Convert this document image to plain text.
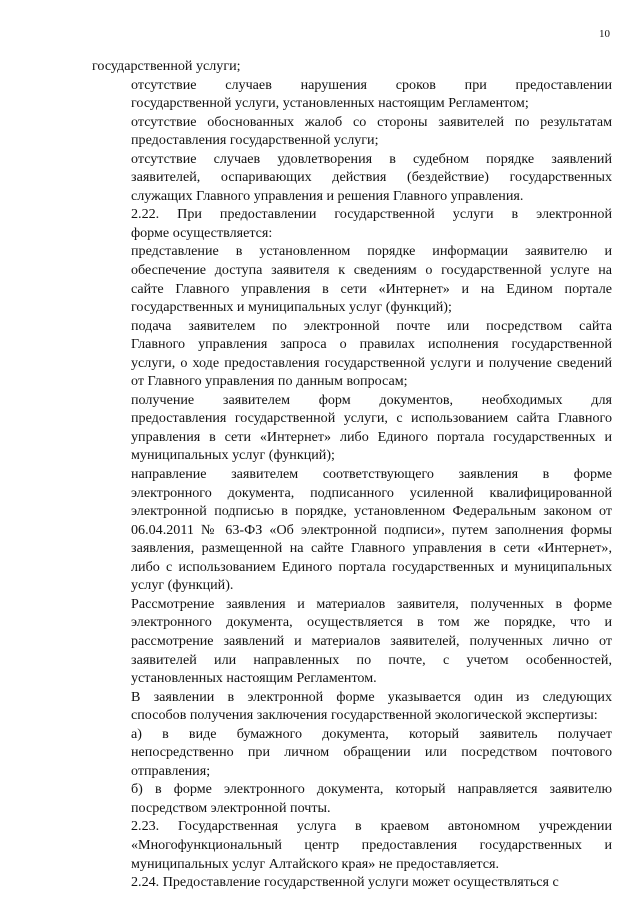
10
государственной услуги;
отсутствие случаев нарушения сроков при предоставлении
государственной услуги, установленных настоящим Регламентом;
отсутствие обоснованных жалоб со стороны заявителей по результатам
предоставления государственной услуги;
отсутствие случаев удовлетворения в судебном порядке заявлений
заявителей, оспаривающих действия (бездействие) государственных
служащих Главного управления и решения Главного управления.
2.22. При предоставлении государственной услуги в электронной
форме осуществляется:
представление в установленном порядке информации заявителю и
обеспечение доступа заявителя к сведениям о государственной услуге на
сайте Главного управления в сети «Интернет» и на Едином портале
государственных и муниципальных услуг (функций);
подача заявителем по электронной почте или посредством сайта
Главного управления запроса о правилах исполнения государственной
услуги, о ходе предоставления государственной услуги и получение сведений
от Главного управления по данным вопросам;
получение заявителем форм документов, необходимых для
предоставления государственной услуги, с использованием сайта Главного
управления в сети «Интернет» либо Единого портала государственных и
муниципальных услуг (функций);
направление заявителем соответствующего заявления в форме
электронного документа, подписанного усиленной квалифицированной
электронной подписью в порядке, установленном Федеральным законом от
06.04.2011 № 63-ФЗ «Об электронной подписи», путем заполнения формы
заявления, размещенной на сайте Главного управления в сети «Интернет»,
либо с использованием Единого портала государственных и муниципальных
услуг (функций).
Рассмотрение заявления и материалов заявителя, полученных в форме
электронного документа, осуществляется в том же порядке, что и
рассмотрение заявлений и материалов заявителей, полученных лично от
заявителей или направленных по почте, с учетом особенностей,
установленных настоящим Регламентом.
В заявлении в электронной форме указывается один из следующих
способов получения заключения государственной экологической экспертизы:
а) в виде бумажного документа, который заявитель получает
непосредственно при личном обращении или посредством почтового
отправления;
б) в форме электронного документа, который направляется заявителю
посредством электронной почты.
2.23. Государственная услуга в краевом автономном учреждении
«Многофункциональный центр предоставления государственных и
муниципальных услуг Алтайского края» не предоставляется.
2.24. Предоставление государственной услуги может осуществляться с
